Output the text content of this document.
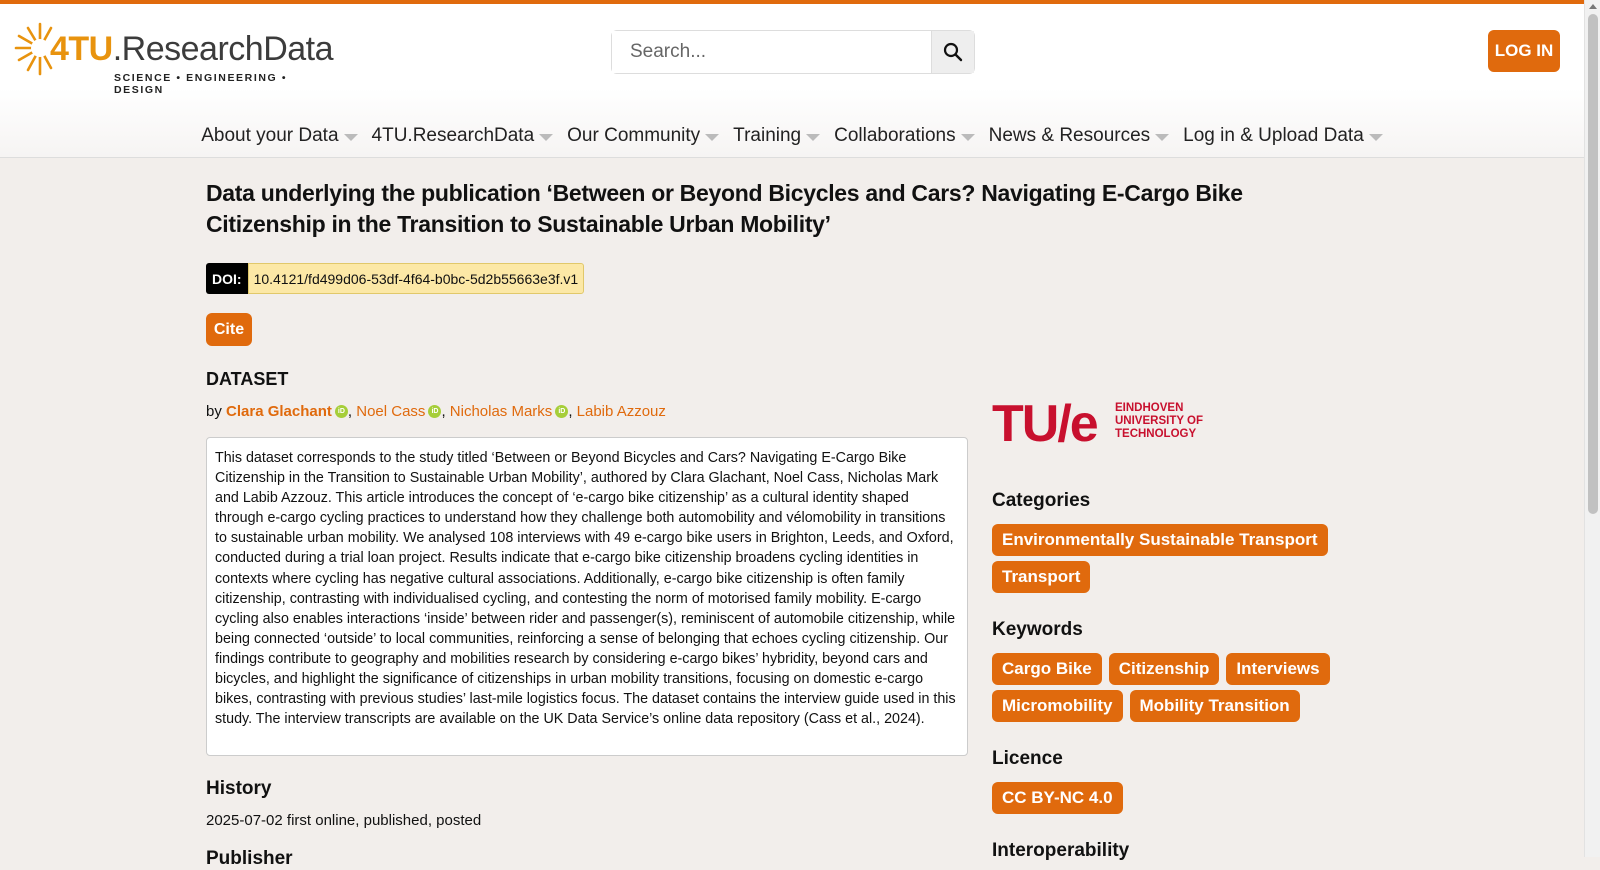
4TU.ResearchData
SCIENCE • ENGINEERING • DESIGN
Search...
LOG IN
About your Data 4TU.ResearchData Our Community Training Collaborations News & Resources Log in & Upload Data
Data underlying the publication ‘Between or Beyond Bicycles and Cars? Navigating E-Cargo Bike Citizenship in the Transition to Sustainable Urban Mobility’
DOI: 10.4121/fd499d06-53df-4f64-b0bc-5d2b55663e3f.v1
Cite
DATASET
by Clara Glachant iD , Noel Cass iD , Nicholas Marks iD , Labib Azzouz
This dataset corresponds to the study titled ‘Between or Beyond Bicycles and Cars? Navigating E-Cargo Bike Citizenship in the Transition to Sustainable Urban Mobility’, authored by Clara Glachant, Noel Cass, Nicholas Mark and Labib Azzouz. This article introduces the concept of ‘e-cargo bike citizenship’ as a cultural identity shaped through e-cargo cycling practices to understand how they challenge both automobility and vélomobility in transitions to sustainable urban mobility. We analysed 108 interviews with 49 e-cargo bike users in Brighton, Leeds, and Oxford, conducted during a trial loan project. Results indicate that e-cargo bike citizenship broadens cycling identities in contexts where cycling has negative cultural associations. Additionally, e-cargo bike citizenship is often family citizenship, contrasting with individualised cycling, and contesting the norm of motorised family mobility. E-cargo cycling also enables interactions ‘inside’ between rider and passenger(s), reminiscent of automobile citizenship, while being connected ‘outside’ to local communities, reinforcing a sense of belonging that echoes cycling citizenship. Our findings contribute to geography and mobilities research by considering e-cargo bikes’ hybridity, beyond cars and bicycles, and highlight the significance of citizenships in urban mobility transitions, focusing on domestic e-cargo bikes, contrasting with previous studies’ last-mile logistics focus. The dataset contains the interview guide used in this study. The interview transcripts are available on the UK Data Service’s online data repository (Cass et al., 2024).
History
2025-07-02 first online, published, posted
Publisher
TU/e EINDHOVEN
UNIVERSITY OF
TECHNOLOGY
Categories
Environmentally Sustainable Transport
Transport
Keywords
Cargo Bike	Citizenship	Interviews
Micromobility	Mobility Transition
Licence
CC BY-NC 4.0
Interoperability
